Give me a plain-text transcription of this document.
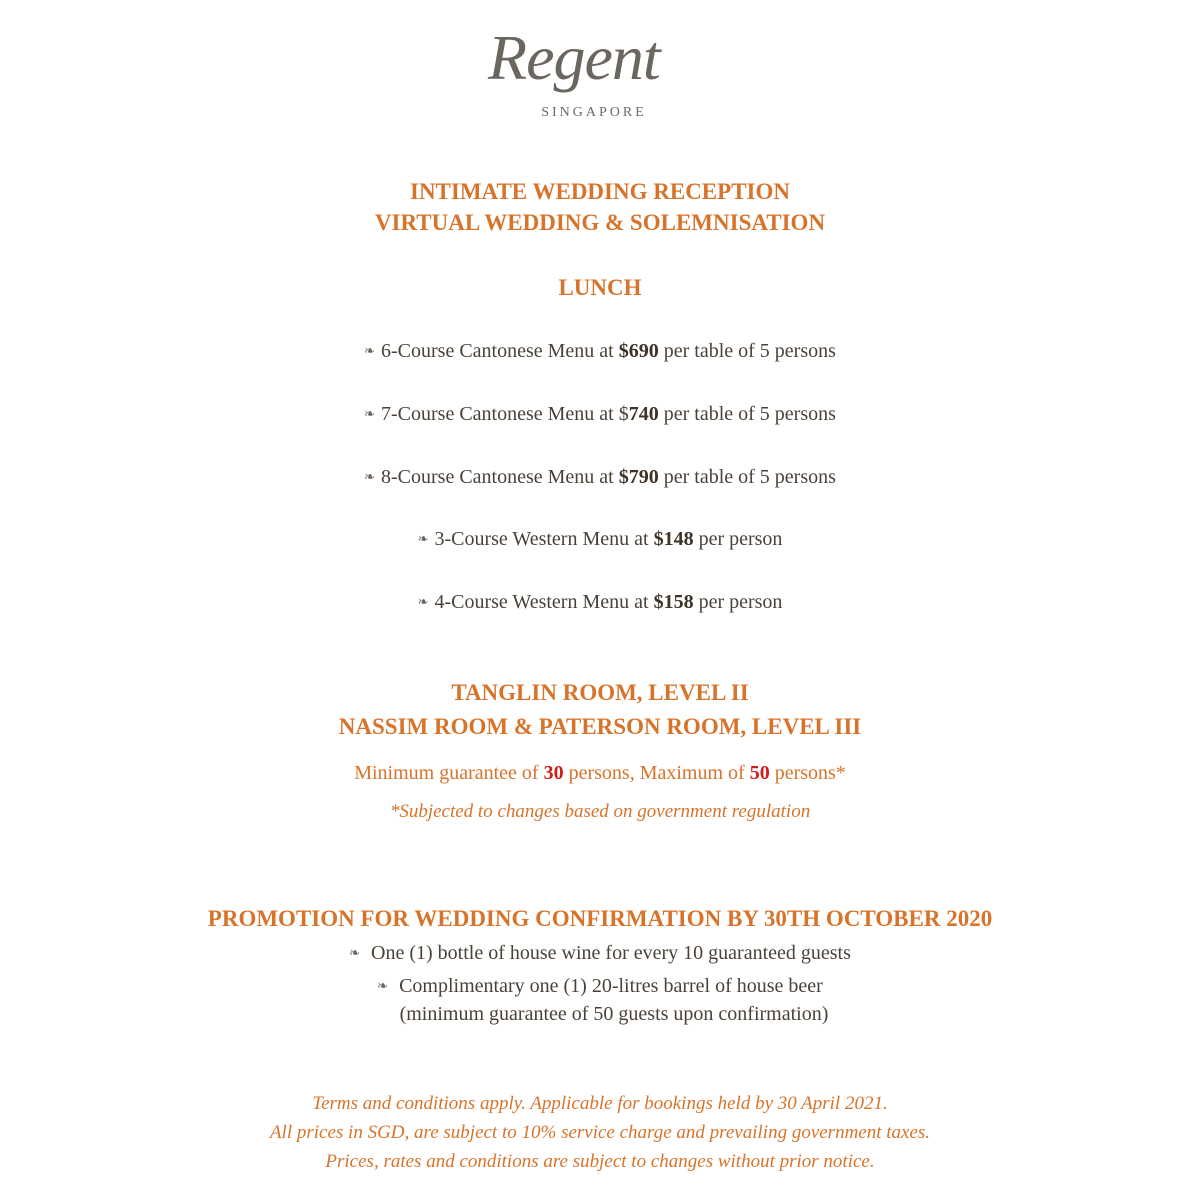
Regent
SINGAPORE
INTIMATE WEDDING RECEPTION
VIRTUAL WEDDING & SOLEMNISATION
LUNCH
❧ 6-Course Cantonese Menu at $690 per table of 5 persons
❧ 7-Course Cantonese Menu at $740 per table of 5 persons
❧ 8-Course Cantonese Menu at $790 per table of 5 persons
❧ 3-Course Western Menu at $148 per person
❧ 4-Course Western Menu at $158 per person
TANGLIN ROOM, LEVEL II
NASSIM ROOM & PATERSON ROOM, LEVEL III
Minimum guarantee of 30 persons, Maximum of 50 persons*
*Subjected to changes based on government regulation
PROMOTION FOR WEDDING CONFIRMATION BY 30TH OCTOBER 2020
❧ One (1) bottle of house wine for every 10 guaranteed guests
❧ Complimentary one (1) 20-litres barrel of house beer
(minimum guarantee of 50 guests upon confirmation)
Terms and conditions apply. Applicable for bookings held by 30 April 2021.
All prices in SGD, are subject to 10% service charge and prevailing government taxes.
Prices, rates and conditions are subject to changes without prior notice.
